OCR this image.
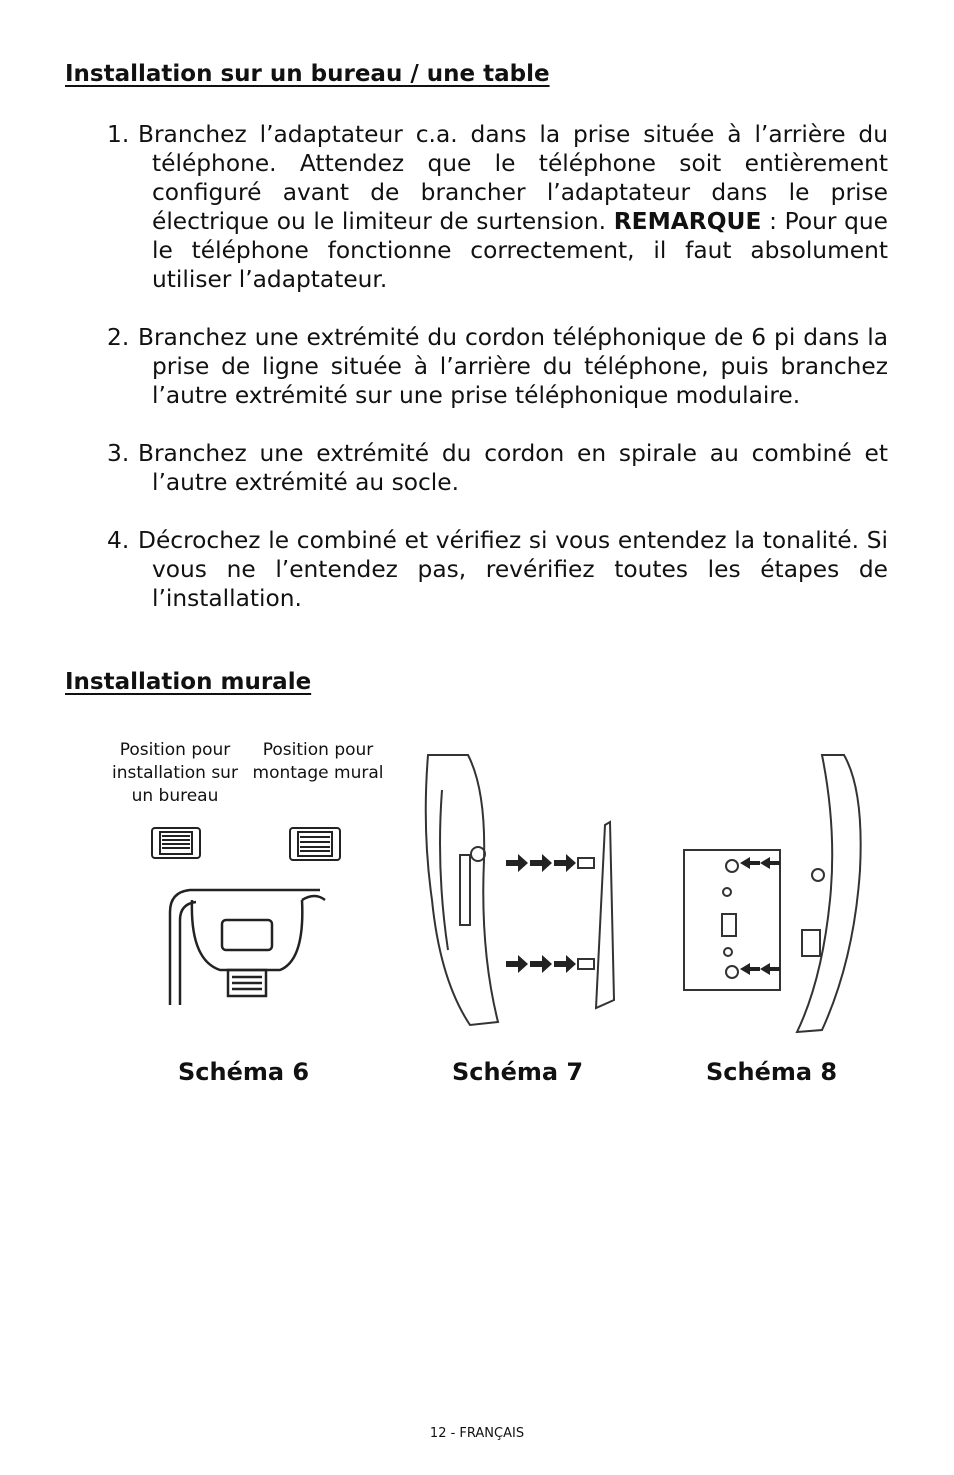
Installation sur un bureau / une table
1. Branchez l’adaptateur c.a. dans la prise située à l’arrière du téléphone. Attendez que le téléphone soit entièrement configuré avant de brancher l’adaptateur dans le prise électrique ou le limiteur de surtension. REMARQUE : Pour que le téléphone fonctionne correctement, il faut absolument utiliser l’adaptateur.
2. Branchez une extrémité du cordon téléphonique de 6 pi dans la prise de ligne située à l’arrière du téléphone, puis branchez l’autre extrémité sur une prise téléphonique modulaire.
3. Branchez une extrémité du cordon en spirale au combiné et l’autre extrémité au socle.
4. Décrochez le combiné et vérifiez si vous entendez la tonalité. Si vous ne l’entendez pas, revérifiez toutes les étapes de l’installation.
Installation murale
Position pour installation sur un bureau
Position pour montage mural
Schéma 6	Schéma 7	Schéma 8
12 - FRANÇAIS
